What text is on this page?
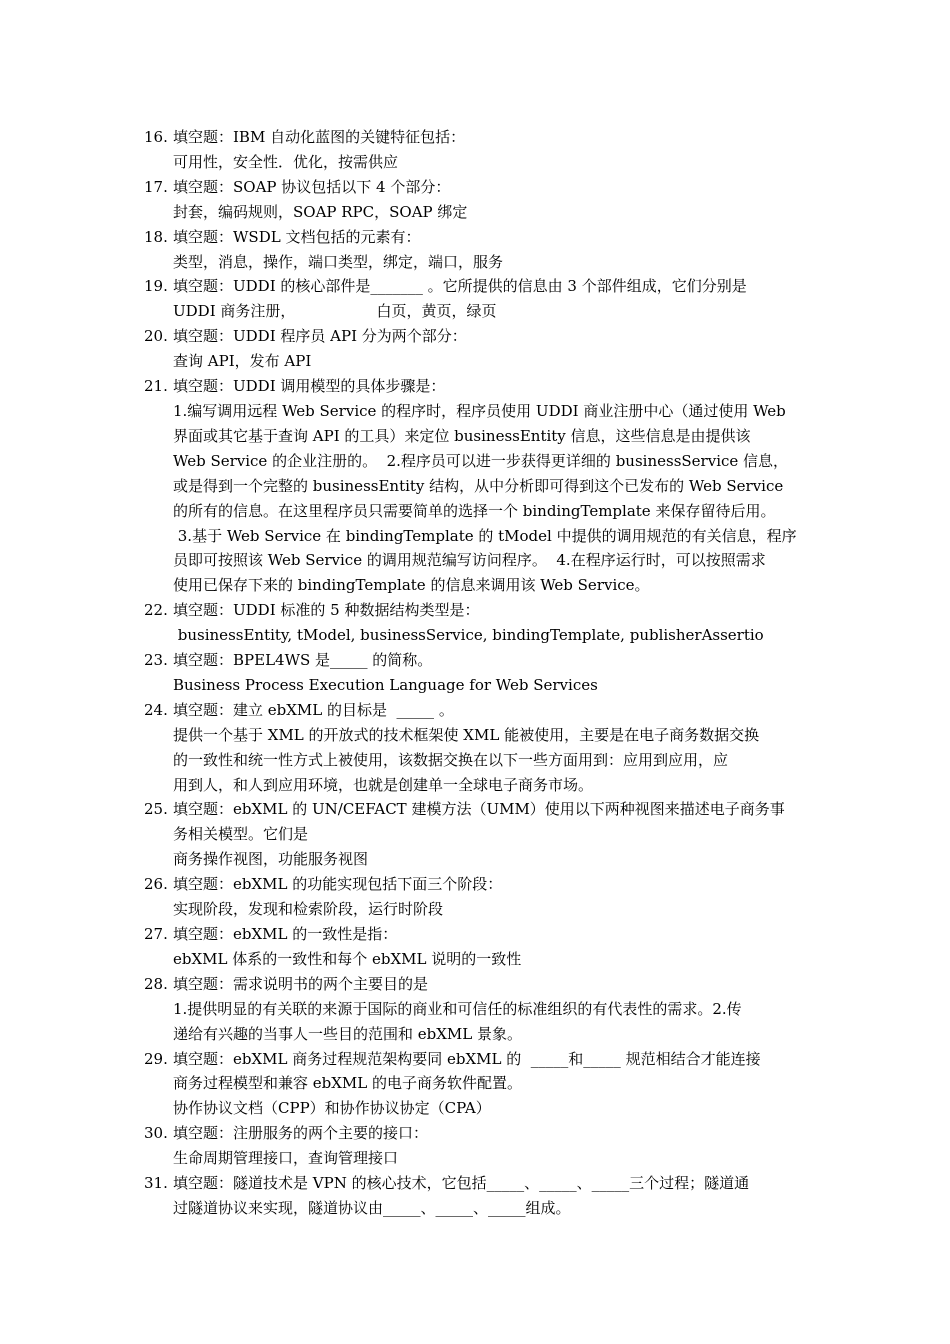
16. 填空题：IBM 自动化蓝图的关键特征包括：
可用性，安全性．优化，按需供应
17. 填空题：SOAP 协议包括以下 4 个部分：
封套，编码规则，SOAP RPC，SOAP 绑定
18. 填空题：WSDL 文档包括的元素有：
类型，消息，操作，端口类型，绑定，端口，服务
19. 填空题：UDDI 的核心部件是_______ 。它所提供的信息由 3 个部件组成，它们分别是
UDDI 商务注册，                 白页，黄页，绿页
20. 填空题：UDDI 程序员 API 分为两个部分：
查询 API，发布 API
21. 填空题：UDDI 调用模型的具体步骤是：
1.编写调用远程 Web Service 的程序时，程序员使用 UDDI 商业注册中心（通过使用 Web
界面或其它基于查询 API 的工具）来定位 businessEntity 信息，这些信息是由提供该
Web Service 的企业注册的。  2.程序员可以进一步获得更详细的 businessService 信息，
或是得到一个完整的 businessEntity 结构，从中分析即可得到这个已发布的 Web Service
的所有的信息。在这里程序员只需要简单的选择一个 bindingTemplate 来保存留待后用。
3.基于 Web Service 在 bindingTemplate 的 tModel 中提供的调用规范的有关信息，程序
员即可按照该 Web Service 的调用规范编写访问程序。  4.在程序运行时，可以按照需求
使用已保存下来的 bindingTemplate 的信息来调用该 Web Service。
22. 填空题：UDDI 标准的 5 种数据结构类型是：
businessEntity, tModel, businessService, bindingTemplate, publisherAssertio
23. 填空题：BPEL4WS 是_____ 的简称。
Business Process Execution Language for Web Services
24. 填空题：建立 ebXML 的目标是  _____ 。
提供一个基于 XML 的开放式的技术框架使 XML 能被使用，主要是在电子商务数据交换
的一致性和统一性方式上被使用，该数据交换在以下一些方面用到：应用到应用，应
用到人，和人到应用环境，也就是创建单一全球电子商务市场。
25. 填空题：ebXML 的 UN/CEFACT 建模方法（UMM）使用以下两种视图来描述电子商务事
务相关模型。它们是
商务操作视图，功能服务视图
26. 填空题：ebXML 的功能实现包括下面三个阶段：
实现阶段，发现和检索阶段，运行时阶段
27. 填空题：ebXML 的一致性是指：
ebXML 体系的一致性和每个 ebXML 说明的一致性
28. 填空题：需求说明书的两个主要目的是
1.提供明显的有关联的来源于国际的商业和可信任的标准组织的有代表性的需求。2.传
递给有兴趣的当事人一些目的范围和 ebXML 景象。
29. 填空题：ebXML 商务过程规范架构要同 ebXML 的  _____和_____ 规范相结合才能连接
商务过程模型和兼容 ebXML 的电子商务软件配置。
协作协议文档（CPP）和协作协议协定（CPA）
30. 填空题：注册服务的两个主要的接口：
生命周期管理接口，查询管理接口
31. 填空题：隧道技术是 VPN 的核心技术，它包括_____、_____、_____三个过程；隧道通
过隧道协议来实现，隧道协议由_____、_____、_____组成。
